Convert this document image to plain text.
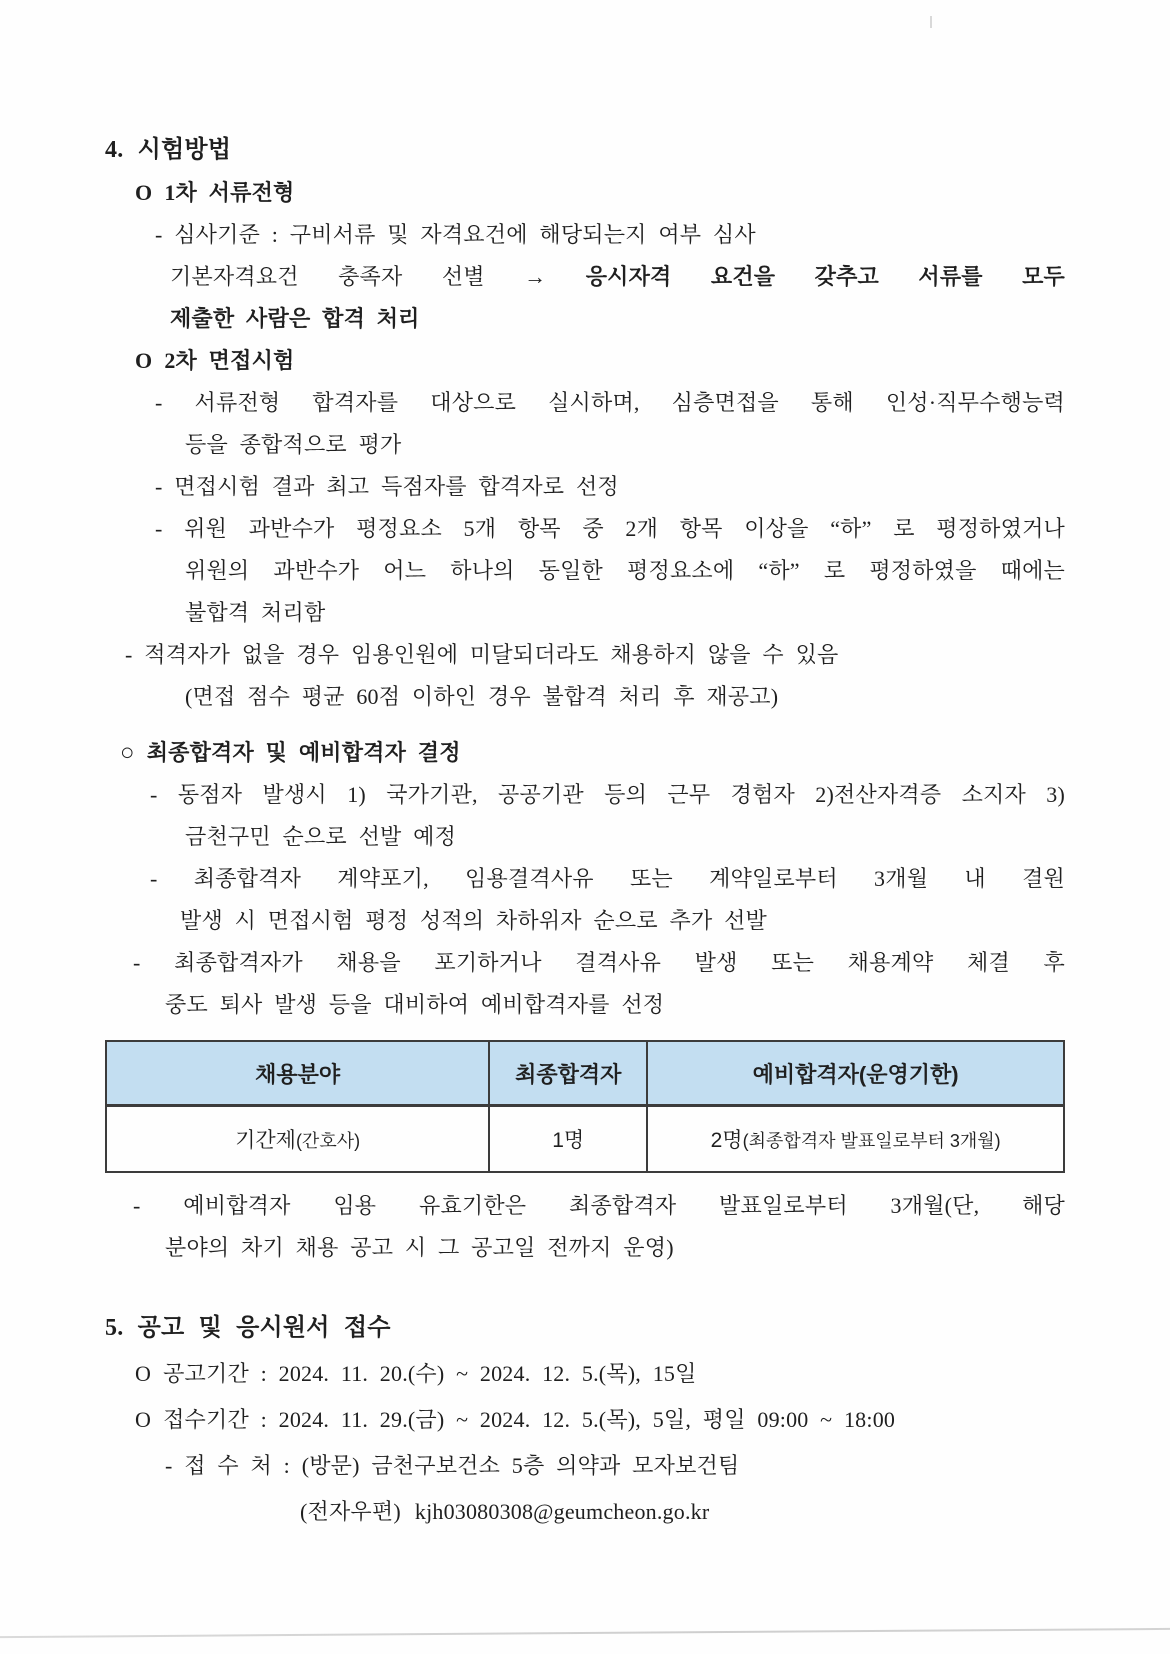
4. 시험방법
O 1차 서류전형
- 심사기준 : 구비서류 및 자격요건에 해당되는지 여부 심사
기본자격요건 충족자 선별 → 응시자격 요건을 갖추고 서류를 모두
제출한 사람은 합격 처리
O 2차 면접시험
- 서류전형 합격자를 대상으로 실시하며, 심층면접을 통해 인성·직무수행능력
등을 종합적으로 평가
- 면접시험 결과 최고 득점자를 합격자로 선정
- 위원 과반수가 평정요소 5개 항목 중 2개 항목 이상을 “하” 로 평정하였거나
위원의 과반수가 어느 하나의 동일한 평정요소에 “하” 로 평정하였을 때에는
불합격 처리함
- 적격자가 없을 경우 임용인원에 미달되더라도 채용하지 않을 수 있음
(면접 점수 평균 60점 이하인 경우 불합격 처리 후 재공고)
○ 최종합격자 및 예비합격자 결정
- 동점자 발생시 1) 국가기관, 공공기관 등의 근무 경험자 2)전산자격증 소지자 3)
금천구민 순으로 선발 예정
- 최종합격자 계약포기, 임용결격사유 또는 계약일로부터 3개월 내 결원
발생 시 면접시험 평정 성적의 차하위자 순으로 추가 선발
- 최종합격자가 채용을 포기하거나 결격사유 발생 또는 채용계약 체결 후
중도 퇴사 발생 등을 대비하여 예비합격자를 선정
채용분야	최종합격자	예비합격자(운영기한)
기간제(간호사)	1명	2명(최종합격자 발표일로부터 3개월)
- 예비합격자 임용 유효기한은 최종합격자 발표일로부터 3개월(단, 해당
분야의 차기 채용 공고 시 그 공고일 전까지 운영)
5. 공고 및 응시원서 접수
O 공고기간 : 2024. 11. 20.(수) ~ 2024. 12. 5.(목), 15일
O 접수기간 : 2024. 11. 29.(금) ~ 2024. 12. 5.(목), 5일, 평일 09:00 ~ 18:00
- 접 수 처 : (방문) 금천구보건소 5층 의약과 모자보건팀
(전자우편) kjh03080308@geumcheon.go.kr
